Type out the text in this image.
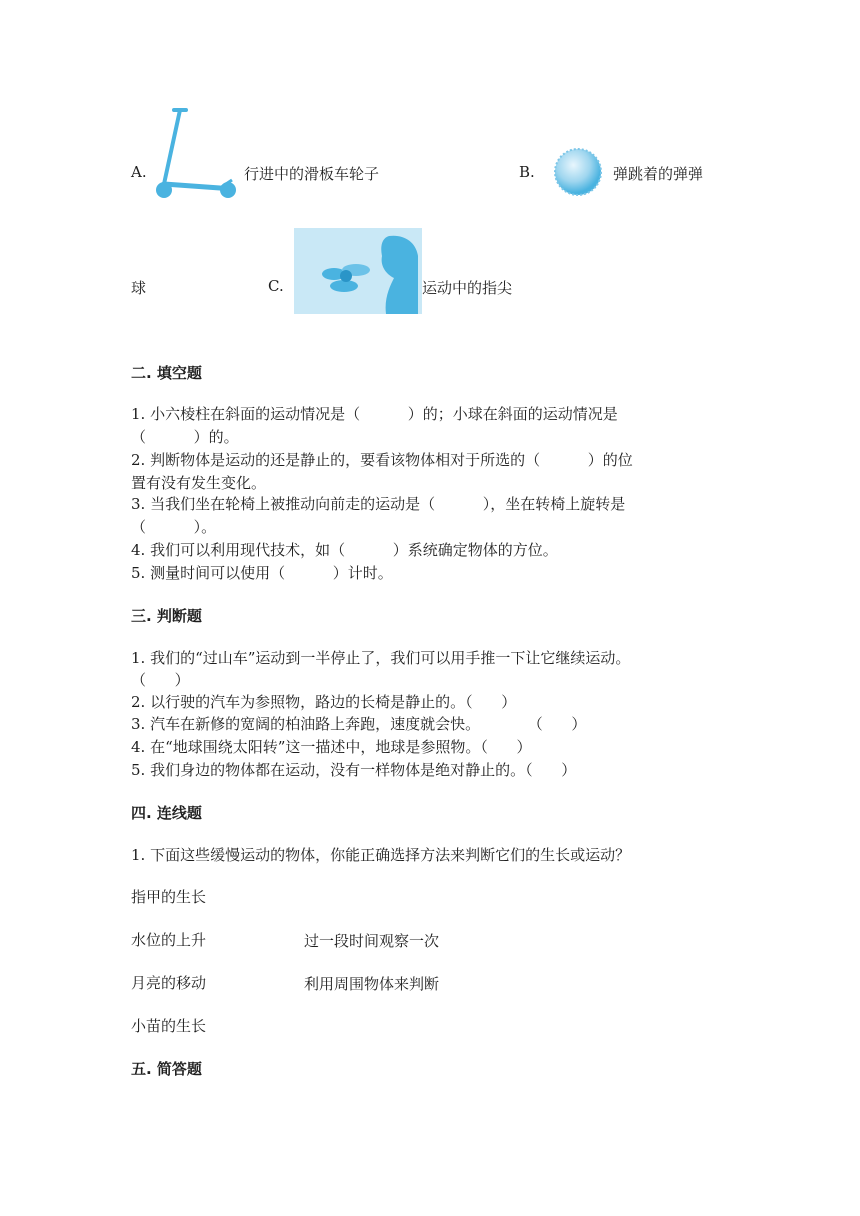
A.	行进中的滑板车轮子	B.	弹跳着的弹弹
球	C.	运动中的指尖
二. 填空题
1. 小六棱柱在斜面的运动情况是（          ）的；小球在斜面的运动情况是
（          ）的。
2. 判断物体是运动的还是静止的，要看该物体相对于所选的（          ）的位
置有没有发生变化。
3. 当我们坐在轮椅上被推动向前走的运动是（          ），坐在转椅上旋转是
（          ）。
4. 我们可以利用现代技术，如（          ）系统确定物体的方位。
5. 测量时间可以使用（          ）计时。
三. 判断题
1. 我们的“过山车”运动到一半停止了，我们可以用手推一下让它继续运动。
（      ）
2. 以行驶的汽车为参照物，路边的长椅是静止的。（      ）
3. 汽车在新修的宽阔的柏油路上奔跑，速度就会快。          （      ）
4. 在“地球围绕太阳转”这一描述中，地球是参照物。（      ）
5. 我们身边的物体都在运动，没有一样物体是绝对静止的。（      ）
四. 连线题
1. 下面这些缓慢运动的物体，你能正确选择方法来判断它们的生长或运动？
指甲的生长
水位的上升	过一段时间观察一次
月亮的移动	利用周围物体来判断
小苗的生长
五. 简答题
